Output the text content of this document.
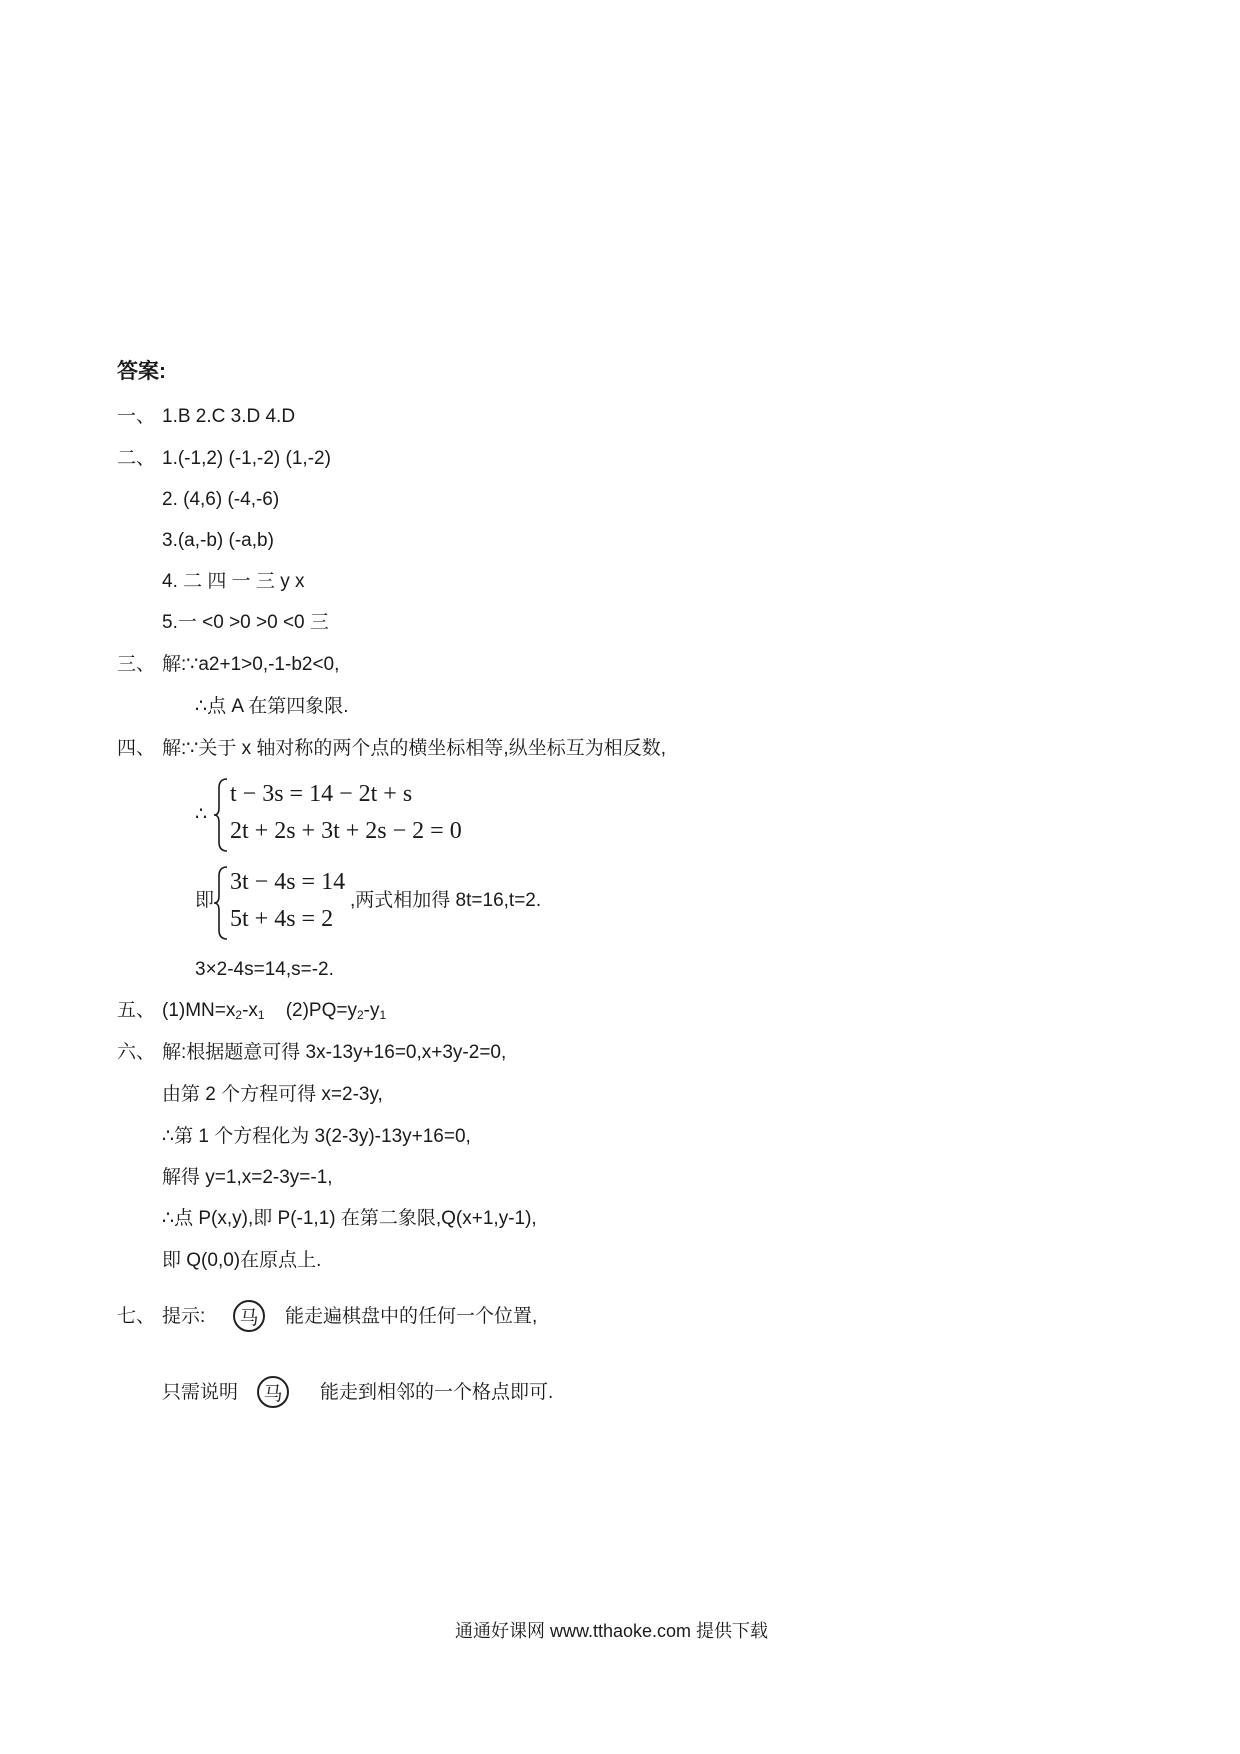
答案:
一、 1.B 2.C 3.D 4.D
二、 1.(-1,2) (-1,-2) (1,-2)
2. (4,6) (-4,-6)
3.(a,-b) (-a,b)
4. 二 四 一 三 y x
5.一 <0 >0 >0 <0 三
三、 解:∵a2+1>0,-1-b2<0,
∴点 A 在第四象限.
四、 解:∵关于 x 轴对称的两个点的横坐标相等,纵坐标互为相反数,
∴
t − 3s = 14 − 2t + s
2t + 2s + 3t + 2s − 2 = 0
即
3t − 4s = 14
5t + 4s = 2
,两式相加得 8t=16,t=2.
3×2-4s=14,s=-2.
五、 $(1)MN=x_2-x_1$    $(2)PQ=y_2-y_1$
六、 解:根据题意可得 3x-13y+16=0,x+3y-2=0,
由第 2 个方程可得 x=2-3y,
∴第 1 个方程化为 3(2-3y)-13y+16=0,
解得 y=1,x=2-3y=-1,
∴点 P(x,y),即 P(-1,1) 在第二象限,Q(x+1,y-1),
即 Q(0,0)在原点上.
七、 提示:	马	能走遍棋盘中的任何一个位置,
只需说明	马	能走到相邻的一个格点即可.
通通好课网 www.tthaoke.com 提供下载
